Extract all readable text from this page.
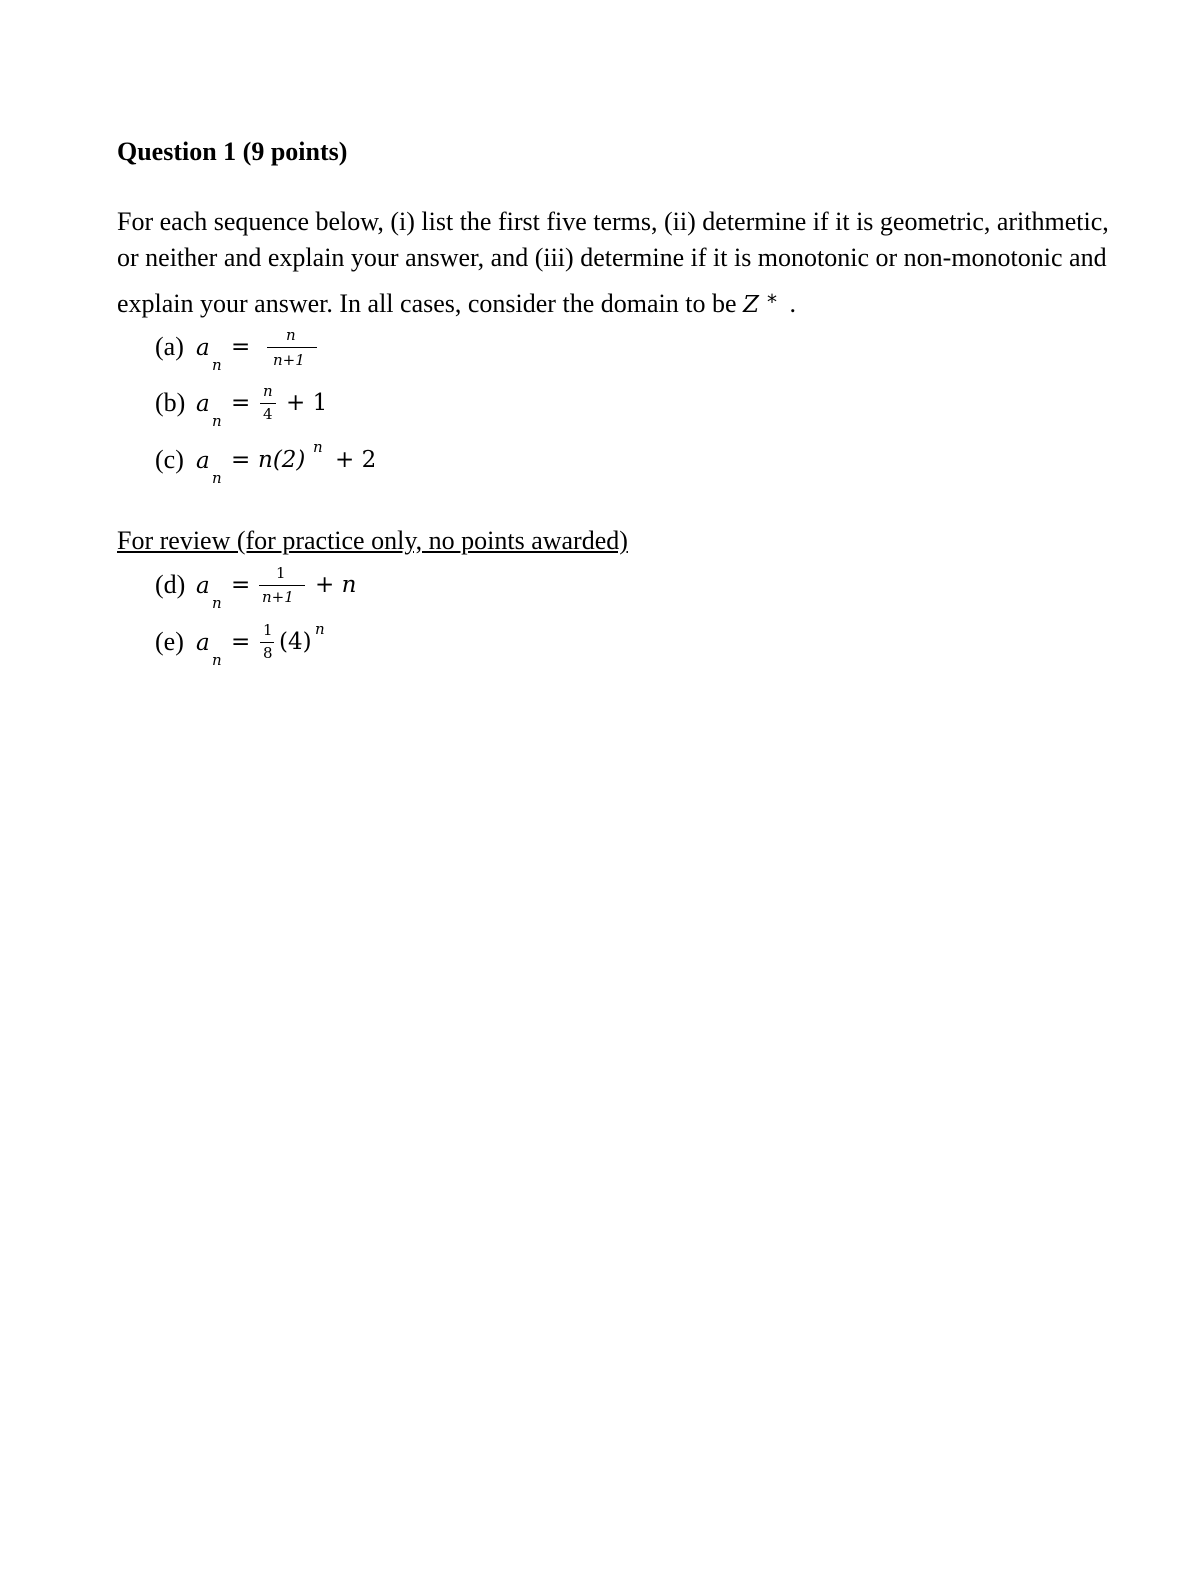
Question 1 (9 points)
For each sequence below, (i) list the first five terms, (ii) determine if it is geometric, arithmetic,
or neither and explain your answer, and (iii) determine if it is monotonic or non-monotonic and
explain your answer. In all cases, consider the domain to be Z * .
(a) a
n
= n
n+1
(b) a
n
= n
4 + 1
(c) a
n
= n(2) n + 2
For review (for practice only, no points awarded)
(d) a
n
= 1
n+1 + n
(e) a
n
= 1
8 (4) n
